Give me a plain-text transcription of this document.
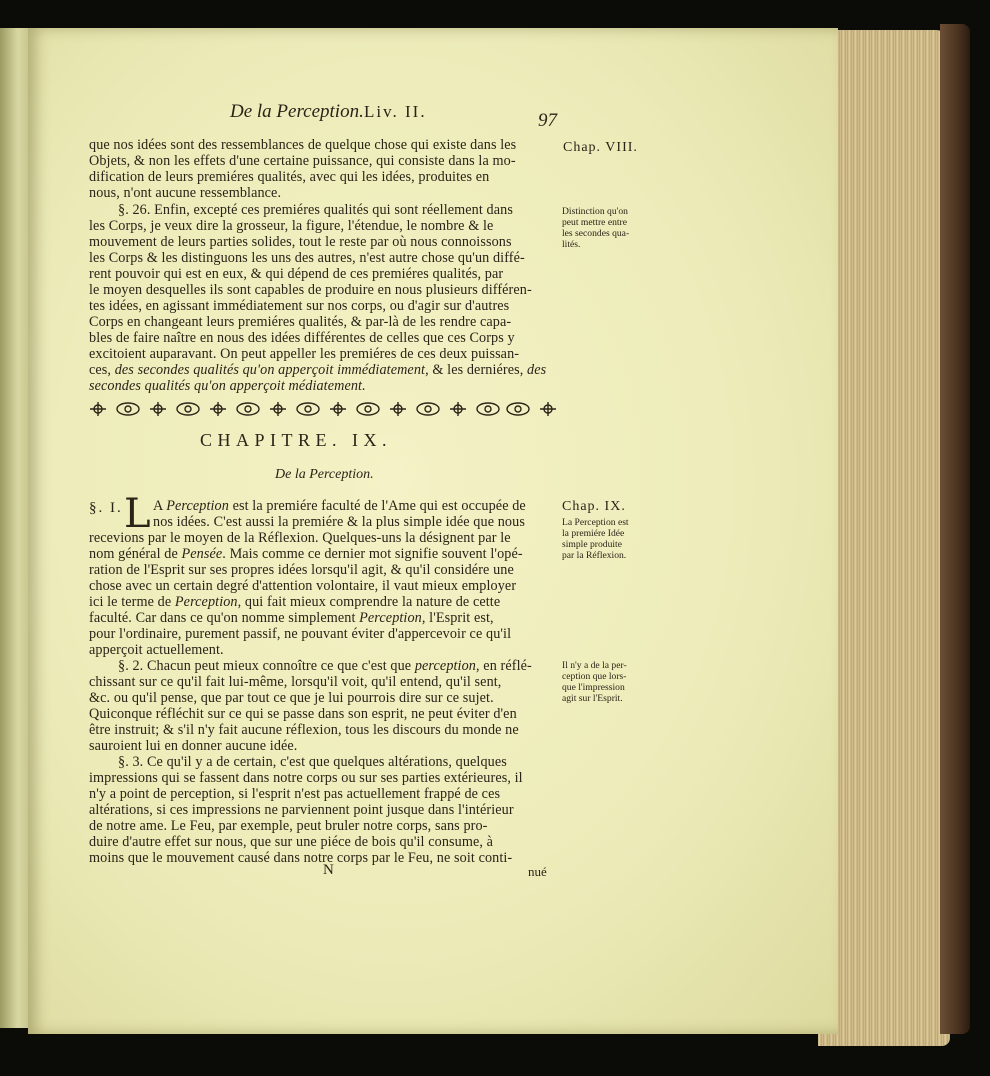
De la Perception. Liv. II.	97
Chap. VIII.
Distinction qu'on
peut mettre entre
les secondes qua-
lités.
Chap. IX.
La Perception est
la premiére Idée
simple produite
par la Réflexion.
Il n'y a de la per-
ception que lors-
que l'impression
agit sur l'Esprit.
que nos idées sont des ressemblances de quelque chose qui existe dans les
Objets, & non les effets d'une certaine puissance, qui consiste dans la mo-
dification de leurs premiéres qualités, avec qui les idées, produites en
nous, n'ont aucune ressemblance.
§. 26. Enfin, excepté ces premiéres qualités qui sont réellement dans
les Corps, je veux dire la grosseur, la figure, l'étendue, le nombre & le
mouvement de leurs parties solides, tout le reste par où nous connoissons
les Corps & les distinguons les uns des autres, n'est autre chose qu'un diffé-
rent pouvoir qui est en eux, & qui dépend de ces premiéres qualités, par
le moyen desquelles ils sont capables de produire en nous plusieurs différen-
tes idées, en agissant immédiatement sur nos corps, ou d'agir sur d'autres
Corps en changeant leurs premiéres qualités, & par-là de les rendre capa-
bles de faire naître en nous des idées différentes de celles que ces Corps y
excitoient auparavant. On peut appeller les premiéres de ces deux puissan-
ces, des secondes qualités qu'on apperçoit immédiatement, & les derniéres, des
secondes qualités qu'on apperçoit médiatement.
CHAPITRE. IX.
De la Perception.
§. I. L A Perception est la premiére faculté de l'Ame qui est occupée de
nos idées. C'est aussi la premiére & la plus simple idée que nous
recevions par le moyen de la Réflexion. Quelques-uns la désignent par le
nom général de Pensée. Mais comme ce dernier mot signifie souvent l'opé-
ration de l'Esprit sur ses propres idées lorsqu'il agit, & qu'il considére une
chose avec un certain degré d'attention volontaire, il vaut mieux employer
ici le terme de Perception, qui fait mieux comprendre la nature de cette
faculté. Car dans ce qu'on nomme simplement Perception, l'Esprit est,
pour l'ordinaire, purement passif, ne pouvant éviter d'appercevoir ce qu'il
apperçoit actuellement.
§. 2. Chacun peut mieux connoître ce que c'est que perception, en réflé-
chissant sur ce qu'il fait lui-même, lorsqu'il voit, qu'il entend, qu'il sent,
&c. ou qu'il pense, que par tout ce que je lui pourrois dire sur ce sujet.
Quiconque réfléchit sur ce qui se passe dans son esprit, ne peut éviter d'en
être instruit; & s'il n'y fait aucune réflexion, tous les discours du monde ne
sauroient lui en donner aucune idée.
§. 3. Ce qu'il y a de certain, c'est que quelques altérations, quelques
impressions qui se fassent dans notre corps ou sur ses parties extérieures, il
n'y a point de perception, si l'esprit n'est pas actuellement frappé de ces
altérations, si ces impressions ne parviennent point jusque dans l'intérieur
de notre ame. Le Feu, par exemple, peut bruler notre corps, sans pro-
duire d'autre effet sur nous, que sur une piéce de bois qu'il consume, à
moins que le mouvement causé dans notre corps par le Feu, ne soit conti-
N	nué
